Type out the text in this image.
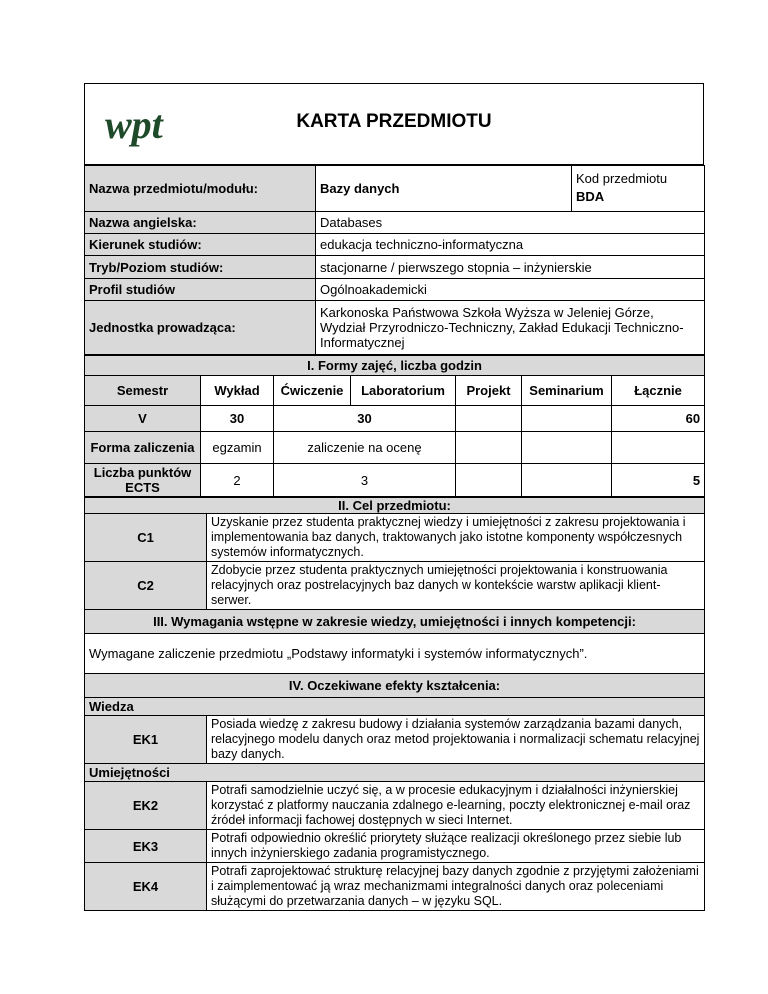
wpt	KARTA PRZEDMIOTU
Nazwa przedmiotu/modułu:	Bazy danych	Kod przedmiotu
BDA

Nazwa angielska:	Databases	
Kierunek studiów:	edukacja techniczno-informatyczna	
Tryb/Poziom studiów:	stacjonarne / pierwszego stopnia – inżynierskie	
Profil studiów	Ogólnoakademicki	
Jednostka prowadząca:	Karkonoska Państwowa Szkoła Wyższa w Jeleniej Górze, Wydział Przyrodniczo-Techniczny, Zakład Edukacji Techniczno-Informatycznej	
I. Formy zajęć, liczba godzin						
Semestr	Wykład	Ćwiczenie	Laboratorium	Projekt	Seminarium	Łącznie
V	30	30				60
Forma zaliczenia	egzamin	zaliczenie na ocenę				
Liczba punktów ECTS	2	3				5
II. Cel przedmiotu:	
C1	Uzyskanie przez studenta praktycznej wiedzy i umiejętności z zakresu projektowania i implementowania baz danych, traktowanych jako istotne komponenty współczesnych systemów informatycznych.
C2	Zdobycie przez studenta praktycznych umiejętności projektowania i konstruowania relacyjnych oraz postrelacyjnych baz danych w kontekście warstw aplikacji klient-serwer.
III. Wymagania wstępne w zakresie wiedzy, umiejętności i innych kompetencji:	
Wymagane zaliczenie przedmiotu „Podstawy informatyki i systemów informatycznych”.	
IV. Oczekiwane efekty kształcenia:	
Wiedza	
EK1	Posiada wiedzę z zakresu budowy i działania systemów zarządzania bazami danych, relacyjnego modelu danych oraz metod projektowania i normalizacji schematu relacyjnej bazy danych.
Umiejętności	
EK2	Potrafi samodzielnie uczyć się, a w procesie edukacyjnym i działalności inżynierskiej korzystać z platformy nauczania zdalnego e-learning, poczty elektronicznej e-mail oraz źródeł informacji fachowej dostępnych w sieci Internet.
EK3	Potrafi odpowiednio określić priorytety służące realizacji określonego przez siebie lub innych inżynierskiego zadania programistycznego.
EK4	Potrafi zaprojektować strukturę relacyjnej bazy danych zgodnie z przyjętymi założeniami i zaimplementować ją wraz mechanizmami integralności danych oraz poleceniami służącymi do przetwarzania danych – w języku SQL.
